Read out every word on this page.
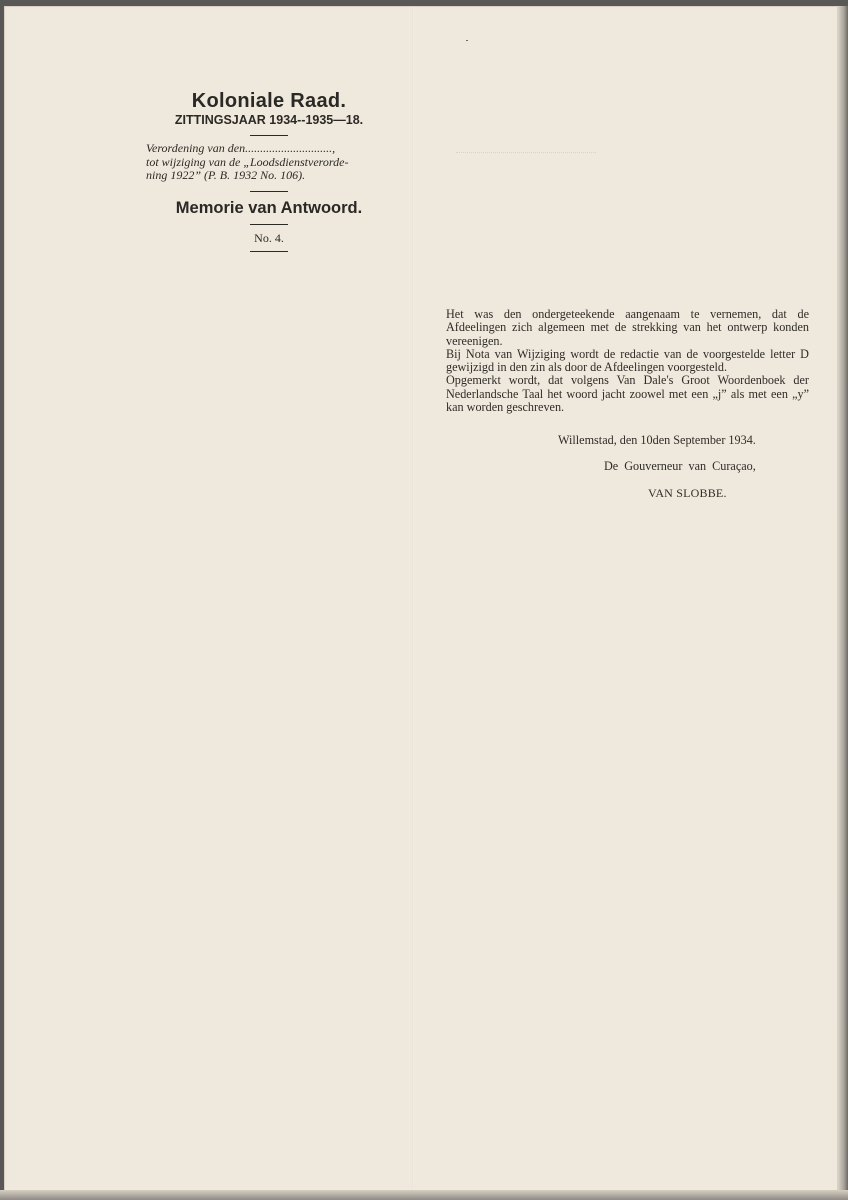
Koloniale Raad.

ZITTINGSJAAR 1934--1935—18.

Verordening van den.............................,
tot wijziging van de „Loodsdienstverorde-
ning 1922” (P. B. 1932 No. 106).

Memorie van Antwoord.

No. 4.

Het was den ondergeteekende aangenaam te vernemen, dat de Afdeelingen zich algemeen met de strekking van het ontwerp konden vereenigen.

Bij Nota van Wijziging wordt de redactie van de voorgestelde letter D gewijzigd in den zin als door de Afdeelingen voorgesteld.

Opgemerkt wordt, dat volgens Van Dale's Groot Woordenboek der Nederlandsche Taal het woord jacht zoowel met een „j” als met een „y” kan worden geschreven.

Willemstad, den 10den September 1934.
De Gouverneur van Curaçao,
VAN SLOBBE.
